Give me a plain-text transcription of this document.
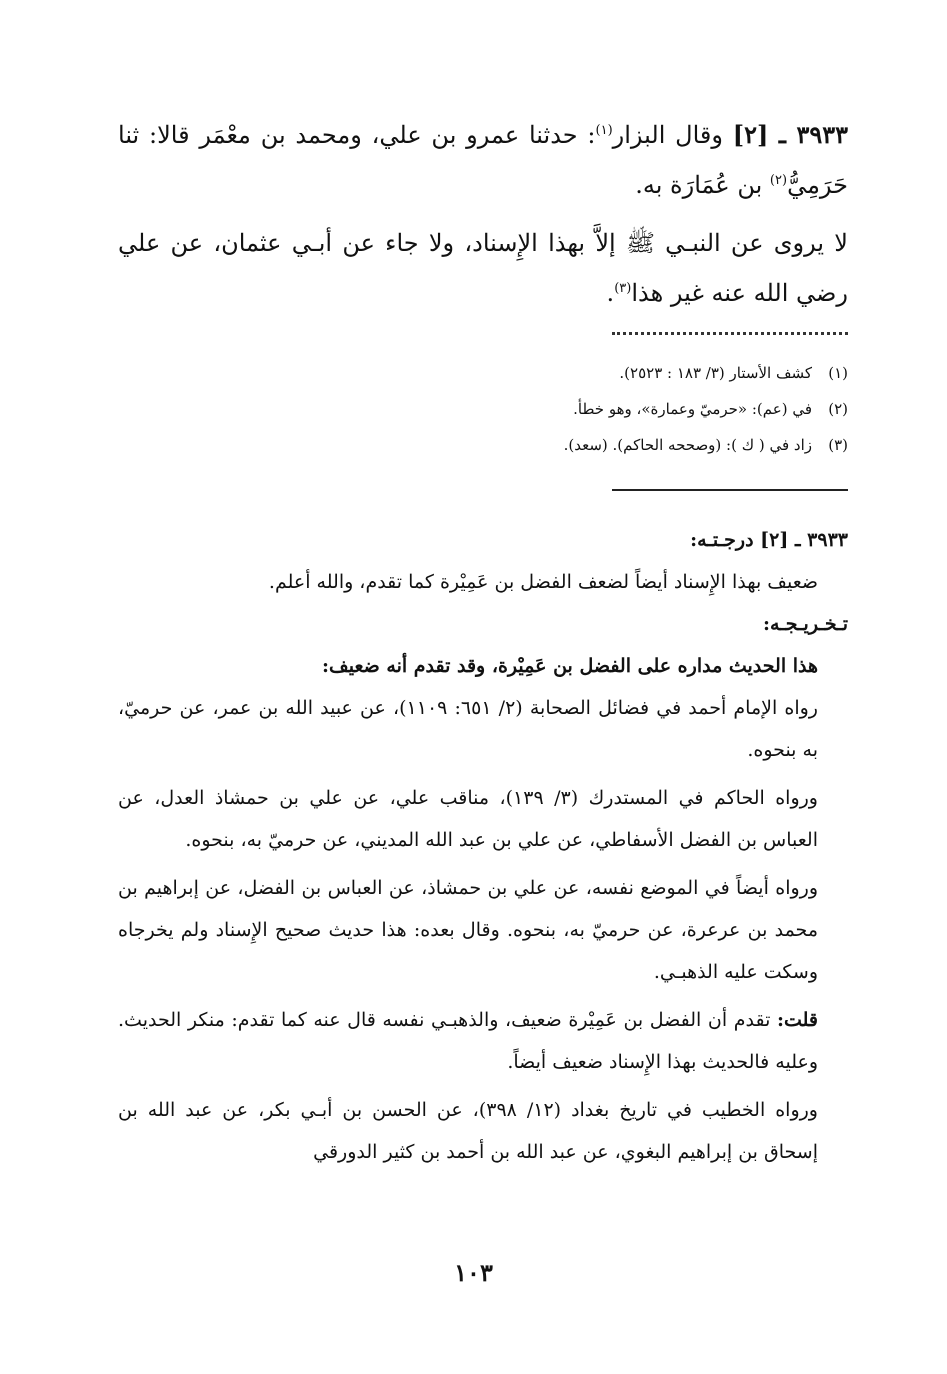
٣٩٣٣ ـ [٢] وقال البزار$^{(١)}$: حدثنا عمرو بن علي، ومحمد بن معْمَر قالا: ثنا حَرَمِيُّ$^{(٢)}$ بن عُمَارَة به.

لا يروى عن النبـي ﷺ إلاَّ بهذا الإِسناد، ولا جاء عن أبـي عثمان، عن علي رضي الله عنه غير هذا$^{(٣)}$.

(١)كشف الأستار (٣/ ١٨٣ : ٢٥٢٣).
(٢)في (عم): «حرميّ وعمارة»، وهو خطأ.
(٣)زاد في ( ك ): (وصححه الحاكم). (سعد).

٣٩٣٣ ـ [٢] درجـتـه:

ضعيف بهذا الإِسناد أيضاً لضعف الفضل بن عَمِيْرة كما تقدم، والله أعلم.

تـخـريـجـه:

هذا الحديث مداره على الفضل بن عَمِيْرة، وقد تقدم أنه ضعيف:

رواه الإمام أحمد في فضائل الصحابة (٢/ ٦٥١: ١١٠٩)، عن عبيد الله بن عمر، عن حرميّ، به بنحوه.

ورواه الحاكم في المستدرك (٣/ ١٣٩)، مناقب علي، عن علي بن حمشاذ العدل، عن العباس بن الفضل الأسفاطي، عن علي بن عبد الله المديني، عن حرميّ به، بنحوه.

ورواه أيضاً في الموضع نفسه، عن علي بن حمشاذ، عن العباس بن الفضل، عن إبراهيم بن محمد بن عرعرة، عن حرميّ به، بنحوه. وقال بعده: هذا حديث صحيح الإِسناد ولم يخرجاه وسكت عليه الذهبـي.

قلت: تقدم أن الفضل بن عَمِيْرة ضعيف، والذهبـي نفسه قال عنه كما تقدم: منكر الحديث. وعليه فالحديث بهذا الإِسناد ضعيف أيضاً.

ورواه الخطيب في تاريخ بغداد (١٢/ ٣٩٨)، عن الحسن بن أبـي بكر، عن عبد الله بن إسحاق بن إبراهيم البغوي، عن عبد الله بن أحمد بن كثير الدورقي

١٠٣
